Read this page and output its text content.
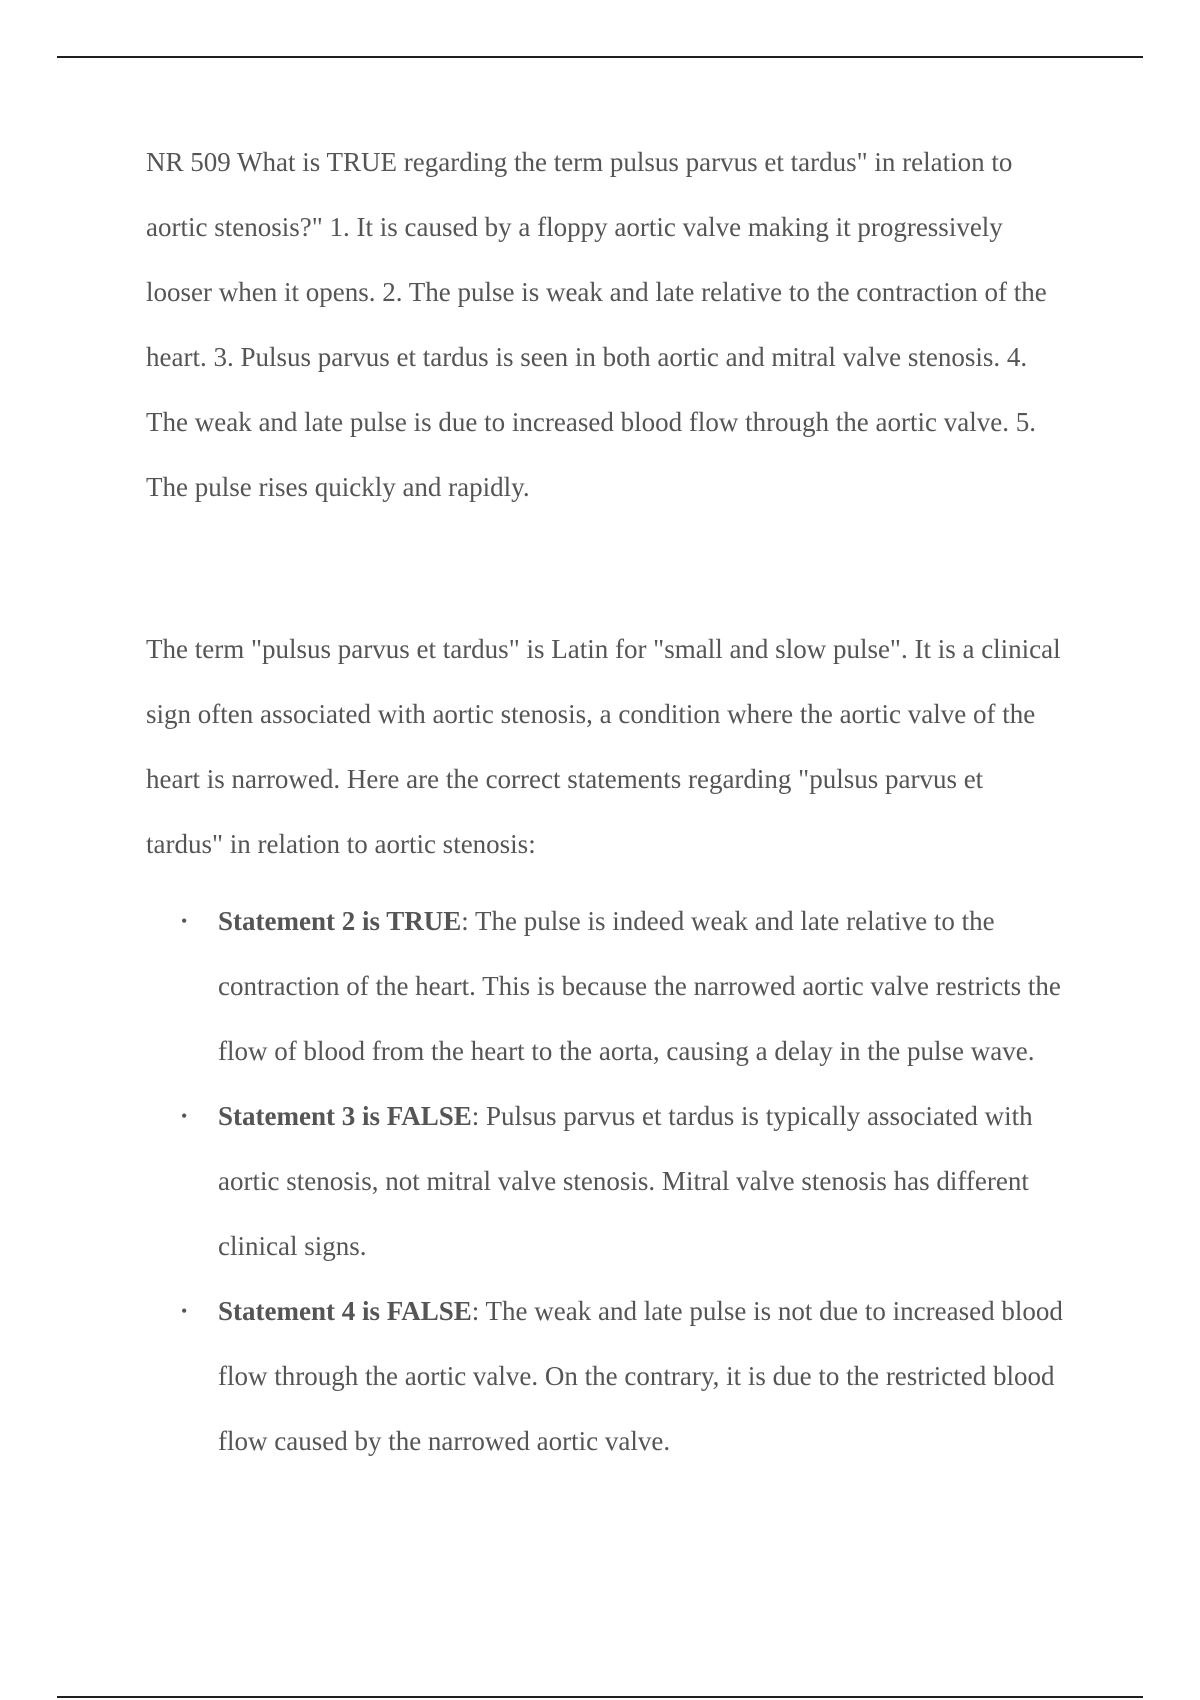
NR 509 What is TRUE regarding the term pulsus parvus et tardus" in relation to aortic stenosis?" 1. It is caused by a floppy aortic valve making it progressively looser when it opens. 2. The pulse is weak and late relative to the contraction of the heart. 3. Pulsus parvus et tardus is seen in both aortic and mitral valve stenosis. 4. The weak and late pulse is due to increased blood flow through the aortic valve. 5. The pulse rises quickly and rapidly.

The term "pulsus parvus et tardus" is Latin for "small and slow pulse". It is a clinical sign often associated with aortic stenosis, a condition where the aortic valve of the heart is narrowed. Here are the correct statements regarding "pulsus parvus et tardus" in relation to aortic stenosis:

• Statement 2 is TRUE: The pulse is indeed weak and late relative to the contraction of the heart. This is because the narrowed aortic valve restricts the flow of blood from the heart to the aorta, causing a delay in the pulse wave.
• Statement 3 is FALSE: Pulsus parvus et tardus is typically associated with aortic stenosis, not mitral valve stenosis. Mitral valve stenosis has different clinical signs.
• Statement 4 is FALSE: The weak and late pulse is not due to increased blood flow through the aortic valve. On the contrary, it is due to the restricted blood flow caused by the narrowed aortic valve.
